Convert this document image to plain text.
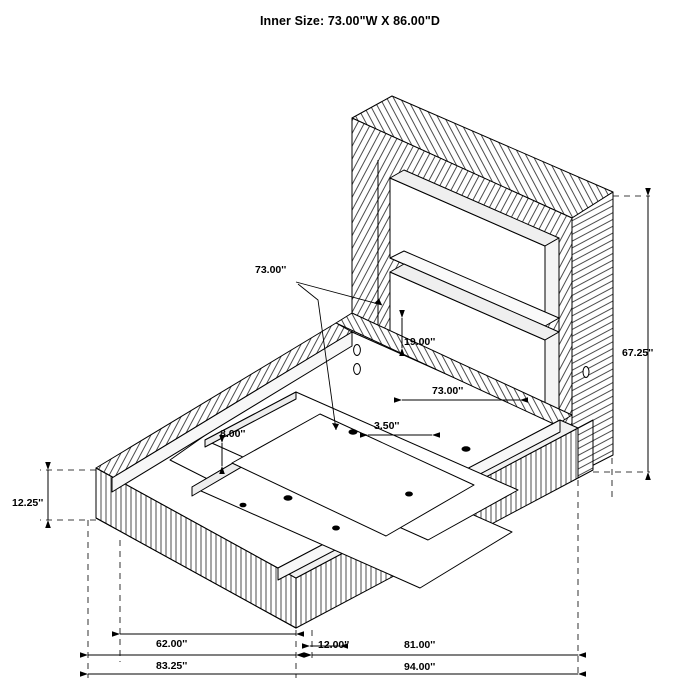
Inner Size: 73.00"W X 86.00"D
73.00''
19.00''
73.00''
3.50''
8.00''
67.25''
12.25''
62.00''	12.00''	81.00''
83.25''	94.00''
